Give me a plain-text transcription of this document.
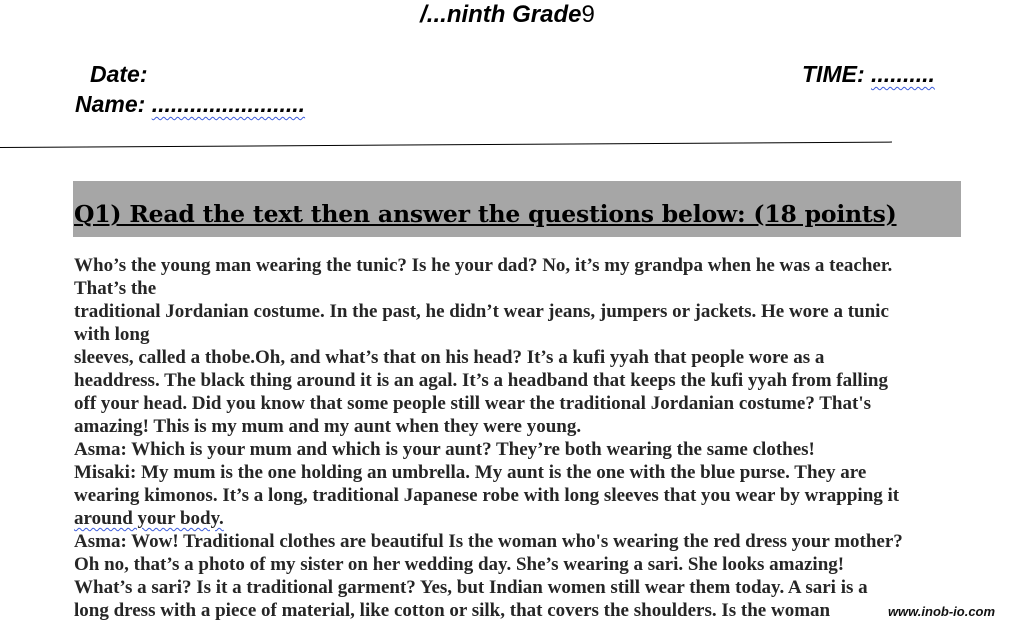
/...ninth Grade9
Date:	TIME: ..........
Name: ........................
Q1) Read the text then answer the questions below: (18 points)
Who’s the young man wearing the tunic? Is he your dad? No, it’s my grandpa when he was a teacher.
That’s the
traditional Jordanian costume. In the past, he didn’t wear jeans, jumpers or jackets. He wore a tunic
with long
sleeves, called a thobe.Oh, and what’s that on his head? It’s a kufi yyah that people wore as a
headdress. The black thing around it is an agal. It’s a headband that keeps the kufi yyah from falling
off your head. Did you know that some people still wear the traditional Jordanian costume? That's
amazing! This is my mum and my aunt when they were young.
Asma: Which is your mum and which is your aunt? They’re both wearing the same clothes!
Misaki: My mum is the one holding an umbrella. My aunt is the one with the blue purse. They are
wearing kimonos. It’s a long, traditional Japanese robe with long sleeves that you wear by wrapping it
around your body.
Asma: Wow! Traditional clothes are beautiful Is the woman who's wearing the red dress your mother?
Oh no, that’s a photo of my sister on her wedding day. She’s wearing a sari. She looks amazing!
What’s a sari? Is it a traditional garment? Yes, but Indian women still wear them today. A sari is a
long dress with a piece of material, like cotton or silk, that covers the shoulders. Is the woman	www.inob-io.com
